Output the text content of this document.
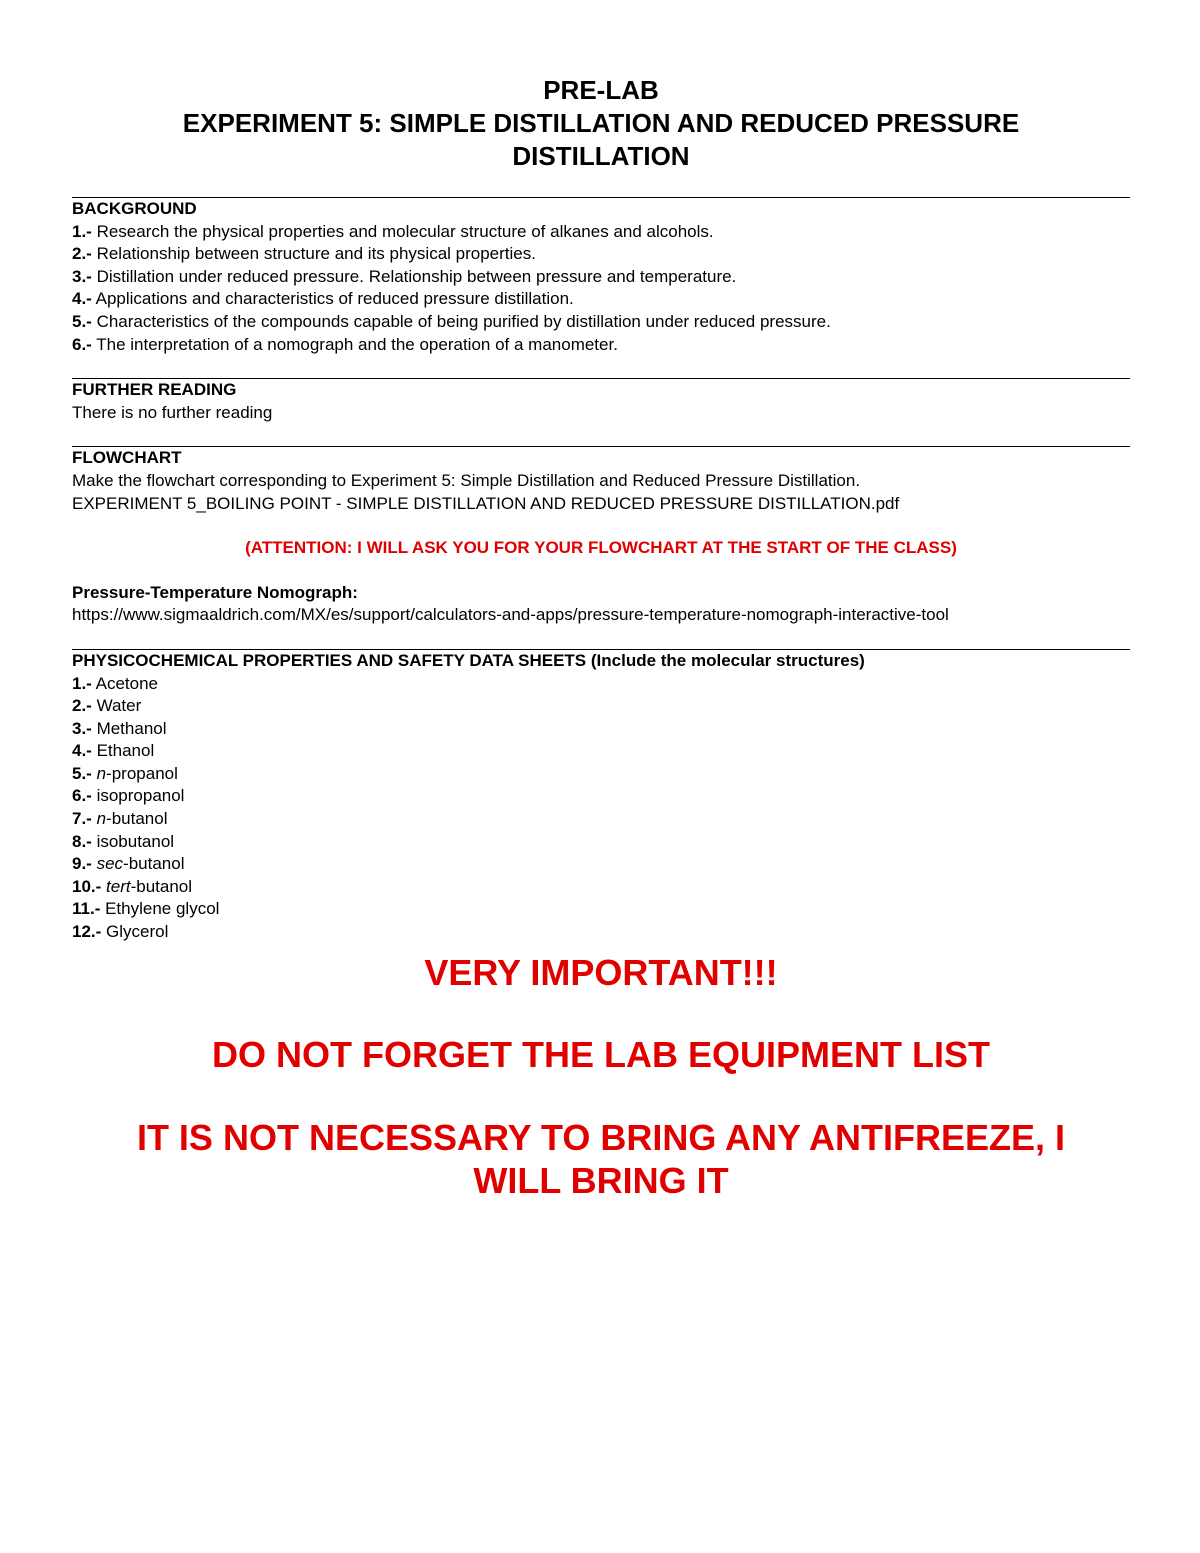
PRE-LAB
EXPERIMENT 5: SIMPLE DISTILLATION AND REDUCED PRESSURE
DISTILLATION
BACKGROUND
1.- Research the physical properties and molecular structure of alkanes and alcohols.
2.- Relationship between structure and its physical properties.
3.- Distillation under reduced pressure. Relationship between pressure and temperature.
4.- Applications and characteristics of reduced pressure distillation.
5.- Characteristics of the compounds capable of being purified by distillation under reduced pressure.
6.- The interpretation of a nomograph and the operation of a manometer.
FURTHER READING
There is no further reading
FLOWCHART
Make the flowchart corresponding to Experiment 5: Simple Distillation and Reduced Pressure Distillation.
EXPERIMENT 5_BOILING POINT - SIMPLE DISTILLATION AND REDUCED PRESSURE DISTILLATION.pdf
(ATTENTION: I WILL ASK YOU FOR YOUR FLOWCHART AT THE START OF THE CLASS)
Pressure-Temperature Nomograph:
https://www.sigmaaldrich.com/MX/es/support/calculators-and-apps/pressure-temperature-nomograph-interactive-tool
PHYSICOCHEMICAL PROPERTIES AND SAFETY DATA SHEETS (Include the molecular structures)
1.- Acetone
2.- Water
3.- Methanol
4.- Ethanol
5.- n-propanol
6.- isopropanol
7.- n-butanol
8.- isobutanol
9.- sec-butanol
10.- tert-butanol
11.- Ethylene glycol
12.- Glycerol
VERY IMPORTANT!!!
DO NOT FORGET THE LAB EQUIPMENT LIST
IT IS NOT NECESSARY TO BRING ANY ANTIFREEZE, I
WILL BRING IT
